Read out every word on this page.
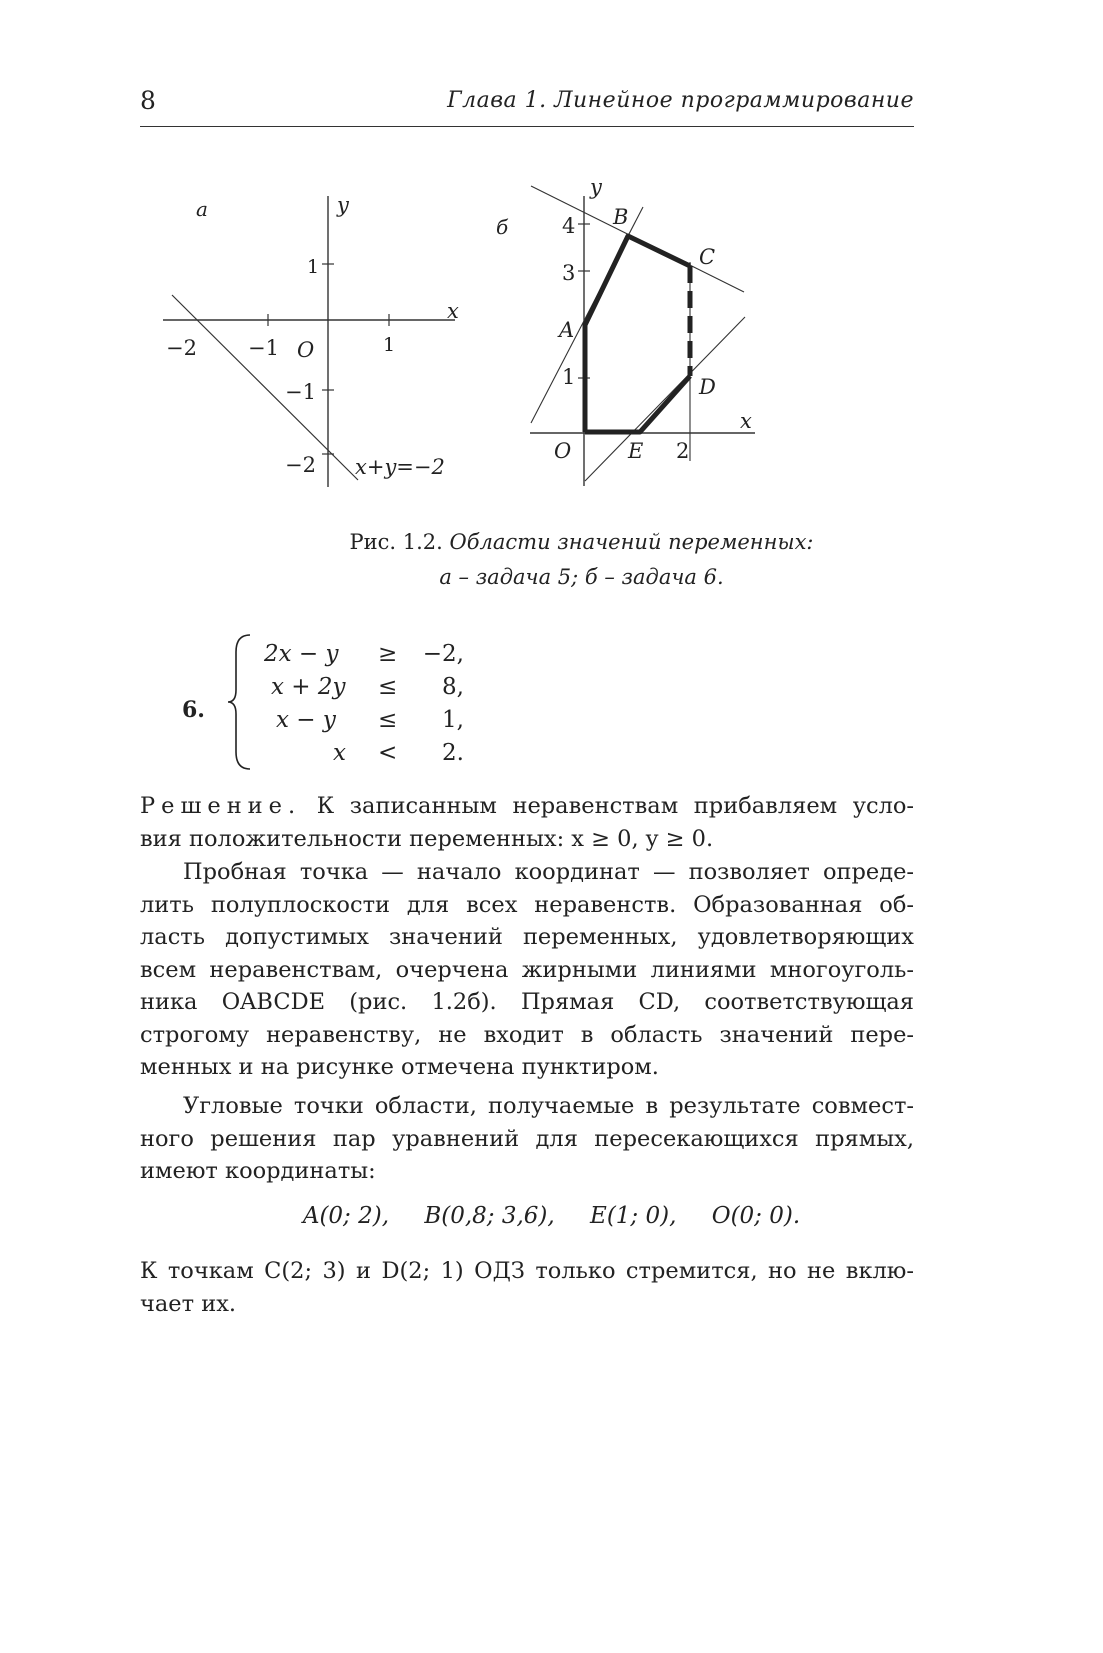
8	Глава 1. Линейное программирование
а
x
y
−2 −1 O	1
1
−1
−2 x+y=−2
б
x
y
4
3
1
2
O
A
B
C
D
E
Рис. 1.2. Области значений переменных:
а – задача 5; б – задача 6.
6.
2x − y ≥	−2,
x + 2y ≤	8,
x − y ≤	1,
x <	2.
Решение. К записанным неравенствам прибавляем усло-
вия положительности переменных: x ≥ 0, y ≥ 0.
Пробная точка — начало координат — позволяет опреде-
лить полуплоскости для всех неравенств. Образованная об-
ласть допустимых значений переменных, удовлетворяющих
всем неравенствам, очерчена жирными линиями многоуголь-
ника OABCDE (рис. 1.2б). Прямая CD, соответствующая
строгому неравенству, не входит в область значений пере-
менных и на рисунке отмечена пунктиром.
Угловые точки области, получаемые в результате совмест-
ного решения пар уравнений для пересекающихся прямых,
имеют координаты:
A(0; 2), B(0,8; 3,6), E(1; 0), O(0; 0).
К точкам C(2; 3) и D(2; 1) ОДЗ только стремится, но не вклю-
чает их.
